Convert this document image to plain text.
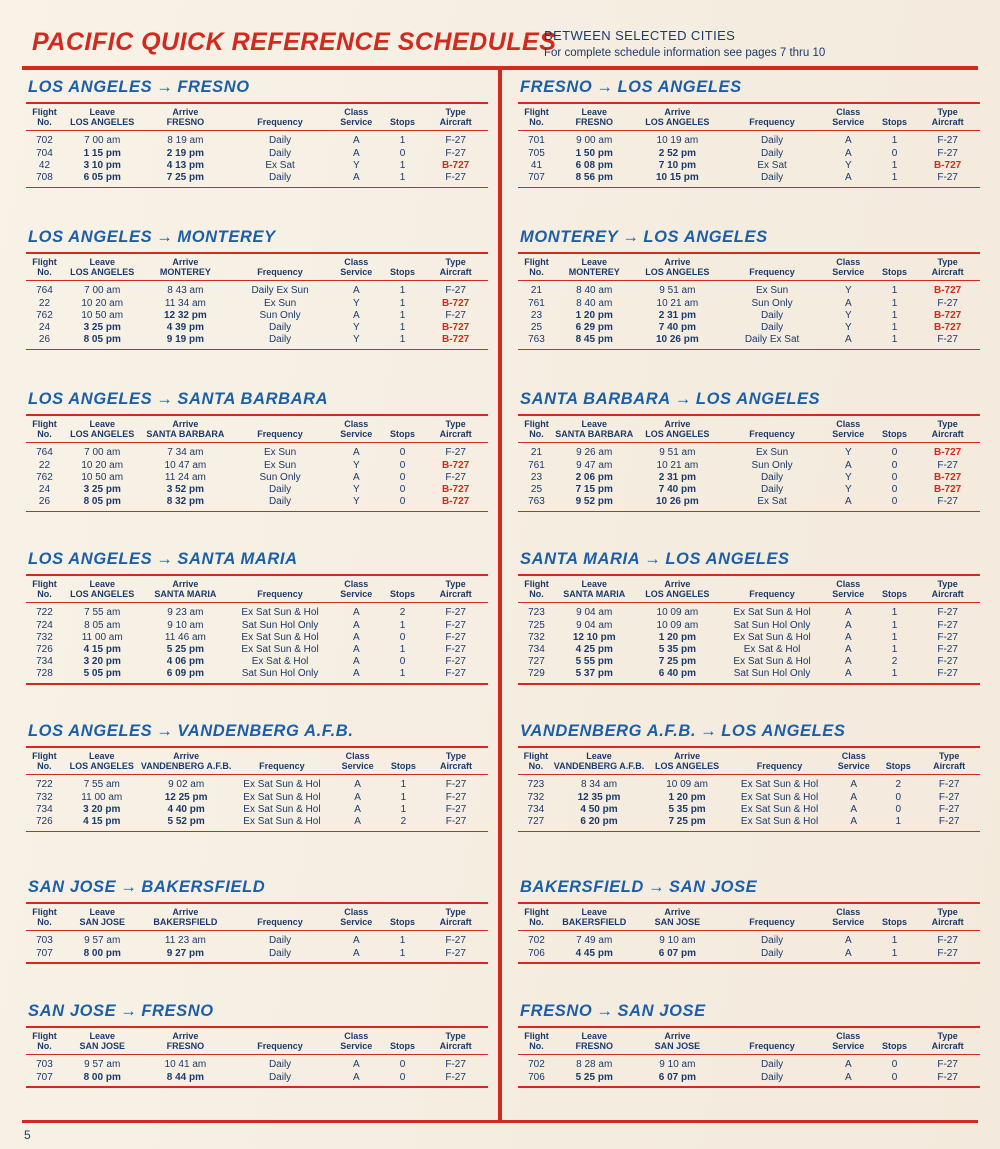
PACIFIC QUICK REFERENCE SCHEDULES
BETWEEN SELECTED CITIES
For complete schedule information see pages 7 thru 10
5
LOS ANGELES → FRESNO
Flight
No.	Leave
LOS ANGELES	Arrive
FRESNO	Frequency	Class
Service	Stops	Type
Aircraft
702	7 00 am	8 19 am	Daily	A	1	F-27
704	1 15 pm	2 19 pm	Daily	A	0	F-27
42	3 10 pm	4 13 pm	Ex Sat	Y	1	B-727
708	6 05 pm	7 25 pm	Daily	A	1	F-27
FRESNO → LOS ANGELES
Flight
No.	Leave
FRESNO	Arrive
LOS ANGELES	Frequency	Class
Service	Stops	Type
Aircraft
701	9 00 am	10 19 am	Daily	A	1	F-27
705	1 50 pm	2 52 pm	Daily	A	0	F-27
41	6 08 pm	7 10 pm	Ex Sat	Y	1	B-727
707	8 56 pm	10 15 pm	Daily	A	1	F-27
LOS ANGELES → MONTEREY
Flight
No.	Leave
LOS ANGELES	Arrive
MONTEREY	Frequency	Class
Service	Stops	Type
Aircraft
764	7 00 am	8 43 am	Daily Ex Sun	A	1	F-27
22	10 20 am	11 34 am	Ex Sun	Y	1	B-727
762	10 50 am	12 32 pm	Sun Only	A	1	F-27
24	3 25 pm	4 39 pm	Daily	Y	1	B-727
26	8 05 pm	9 19 pm	Daily	Y	1	B-727
MONTEREY → LOS ANGELES
Flight
No.	Leave
MONTEREY	Arrive
LOS ANGELES	Frequency	Class
Service	Stops	Type
Aircraft
21	8 40 am	9 51 am	Ex Sun	Y	1	B-727
761	8 40 am	10 21 am	Sun Only	A	1	F-27
23	1 20 pm	2 31 pm	Daily	Y	1	B-727
25	6 29 pm	7 40 pm	Daily	Y	1	B-727
763	8 45 pm	10 26 pm	Daily Ex Sat	A	1	F-27
LOS ANGELES → SANTA BARBARA
Flight
No.	Leave
LOS ANGELES	Arrive
SANTA BARBARA	Frequency	Class
Service	Stops	Type
Aircraft
764	7 00 am	7 34 am	Ex Sun	A	0	F-27
22	10 20 am	10 47 am	Ex Sun	Y	0	B-727
762	10 50 am	11 24 am	Sun Only	A	0	F-27
24	3 25 pm	3 52 pm	Daily	Y	0	B-727
26	8 05 pm	8 32 pm	Daily	Y	0	B-727
SANTA BARBARA → LOS ANGELES
Flight
No.	Leave
SANTA BARBARA	Arrive
LOS ANGELES	Frequency	Class
Service	Stops	Type
Aircraft
21	9 26 am	9 51 am	Ex Sun	Y	0	B-727
761	9 47 am	10 21 am	Sun Only	A	0	F-27
23	2 06 pm	2 31 pm	Daily	Y	0	B-727
25	7 15 pm	7 40 pm	Daily	Y	0	B-727
763	9 52 pm	10 26 pm	Ex Sat	A	0	F-27
LOS ANGELES → SANTA MARIA
Flight
No.	Leave
LOS ANGELES	Arrive
SANTA MARIA	Frequency	Class
Service	Stops	Type
Aircraft
722	7 55 am	9 23 am	Ex Sat Sun & Hol	A	2	F-27
724	8 05 am	9 10 am	Sat Sun Hol Only	A	1	F-27
732	11 00 am	11 46 am	Ex Sat Sun & Hol	A	0	F-27
726	4 15 pm	5 25 pm	Ex Sat Sun & Hol	A	1	F-27
734	3 20 pm	4 06 pm	Ex Sat & Hol	A	0	F-27
728	5 05 pm	6 09 pm	Sat Sun Hol Only	A	1	F-27
SANTA MARIA → LOS ANGELES
Flight
No.	Leave
SANTA MARIA	Arrive
LOS ANGELES	Frequency	Class
Service	Stops	Type
Aircraft
723	9 04 am	10 09 am	Ex Sat Sun & Hol	A	1	F-27
725	9 04 am	10 09 am	Sat Sun Hol Only	A	1	F-27
732	12 10 pm	1 20 pm	Ex Sat Sun & Hol	A	1	F-27
734	4 25 pm	5 35 pm	Ex Sat & Hol	A	1	F-27
727	5 55 pm	7 25 pm	Ex Sat Sun & Hol	A	2	F-27
729	5 37 pm	6 40 pm	Sat Sun Hol Only	A	1	F-27
LOS ANGELES → VANDENBERG A.F.B.
Flight
No.	Leave
LOS ANGELES	Arrive
VANDENBERG A.F.B.	Frequency	Class
Service	Stops	Type
Aircraft
722	7 55 am	9 02 am	Ex Sat Sun & Hol	A	1	F-27
732	11 00 am	12 25 pm	Ex Sat Sun & Hol	A	1	F-27
734	3 20 pm	4 40 pm	Ex Sat Sun & Hol	A	1	F-27
726	4 15 pm	5 52 pm	Ex Sat Sun & Hol	A	2	F-27
VANDENBERG A.F.B. → LOS ANGELES
Flight
No.	Leave
VANDENBERG A.F.B.	Arrive
LOS ANGELES	Frequency	Class
Service	Stops	Type
Aircraft
723	8 34 am	10 09 am	Ex Sat Sun & Hol	A	2	F-27
732	12 35 pm	1 20 pm	Ex Sat Sun & Hol	A	0	F-27
734	4 50 pm	5 35 pm	Ex Sat Sun & Hol	A	0	F-27
727	6 20 pm	7 25 pm	Ex Sat Sun & Hol	A	1	F-27
SAN JOSE → BAKERSFIELD
Flight
No.	Leave
SAN JOSE	Arrive
BAKERSFIELD	Frequency	Class
Service	Stops	Type
Aircraft
703	9 57 am	11 23 am	Daily	A	1	F-27
707	8 00 pm	9 27 pm	Daily	A	1	F-27
BAKERSFIELD → SAN JOSE
Flight
No.	Leave
BAKERSFIELD	Arrive
SAN JOSE	Frequency	Class
Service	Stops	Type
Aircraft
702	7 49 am	9 10 am	Daily	A	1	F-27
706	4 45 pm	6 07 pm	Daily	A	1	F-27
SAN JOSE → FRESNO
Flight
No.	Leave
SAN JOSE	Arrive
FRESNO	Frequency	Class
Service	Stops	Type
Aircraft
703	9 57 am	10 41 am	Daily	A	0	F-27
707	8 00 pm	8 44 pm	Daily	A	0	F-27
FRESNO → SAN JOSE
Flight
No.	Leave
FRESNO	Arrive
SAN JOSE	Frequency	Class
Service	Stops	Type
Aircraft
702	8 28 am	9 10 am	Daily	A	0	F-27
706	5 25 pm	6 07 pm	Daily	A	0	F-27
